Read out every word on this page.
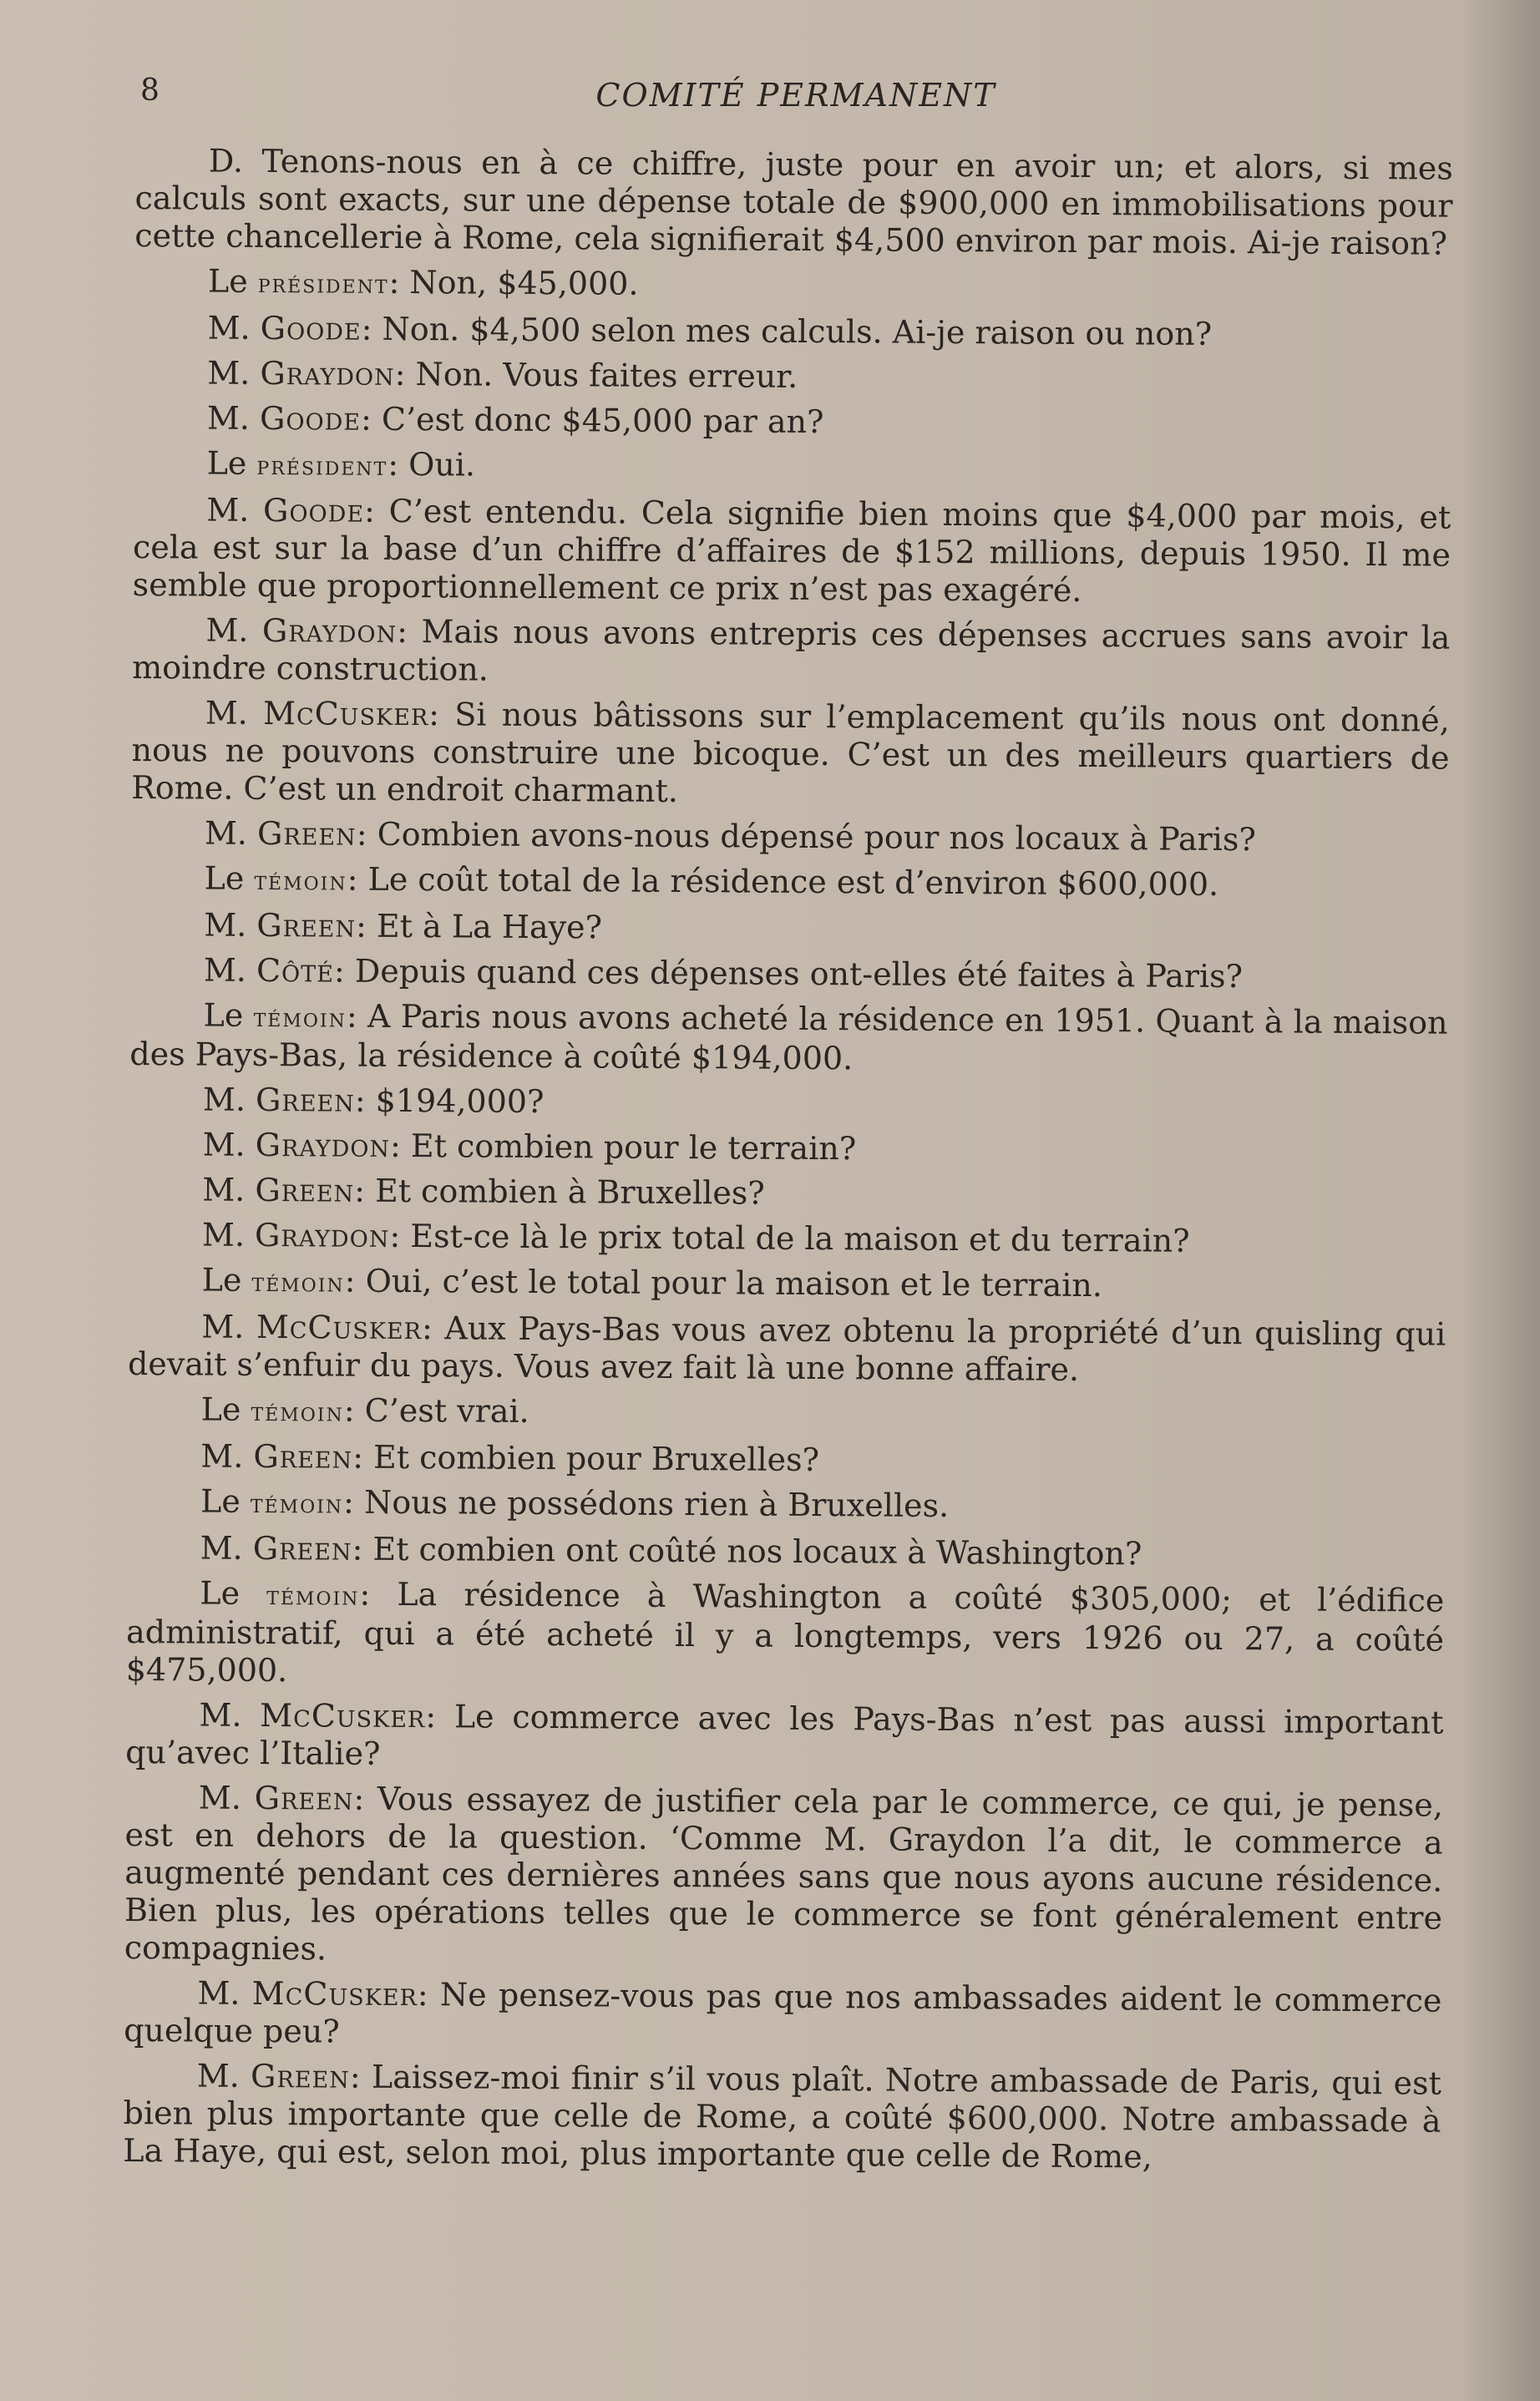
8	COMITÉ PERMANENT

D. Tenons-nous en à ce chiffre, juste pour en avoir un; et alors, si mes calculs sont exacts, sur une dépense totale de $900,000 en immobilisations pour cette chancellerie à Rome, cela signifierait $4,500 environ par mois. Ai-je raison?

Le président: Non, $45,000.

M. Goode: Non. $4,500 selon mes calculs. Ai-je raison ou non?

M. Graydon: Non. Vous faites erreur.

M. Goode: C’est donc $45,000 par an?

Le président: Oui.

M. Goode: C’est entendu. Cela signifie bien moins que $4,000 par mois, et cela est sur la base d’un chiffre d’affaires de $152 millions, depuis 1950. Il me semble que proportionnellement ce prix n’est pas exagéré.

M. Graydon: Mais nous avons entrepris ces dépenses accrues sans avoir la moindre construction.

M. McCusker: Si nous bâtissons sur l’emplacement qu’ils nous ont donné, nous ne pouvons construire une bicoque. C’est un des meilleurs quartiers de Rome. C’est un endroit charmant.

M. Green: Combien avons-nous dépensé pour nos locaux à Paris?

Le témoin: Le coût total de la résidence est d’environ $600,000.

M. Green: Et à La Haye?

M. Côté: Depuis quand ces dépenses ont-elles été faites à Paris?

Le témoin: A Paris nous avons acheté la résidence en 1951. Quant à la maison des Pays-Bas, la résidence à coûté $194,000.

M. Green: $194,000?

M. Graydon: Et combien pour le terrain?

M. Green: Et combien à Bruxelles?

M. Graydon: Est-ce là le prix total de la maison et du terrain?

Le témoin: Oui, c’est le total pour la maison et le terrain.

M. McCusker: Aux Pays-Bas vous avez obtenu la propriété d’un quisling qui devait s’enfuir du pays. Vous avez fait là une bonne affaire.

Le témoin: C’est vrai.

M. Green: Et combien pour Bruxelles?

Le témoin: Nous ne possédons rien à Bruxelles.

M. Green: Et combien ont coûté nos locaux à Washington?

Le témoin: La résidence à Washington a coûté $305,000; et l’édifice administratif, qui a été acheté il y a longtemps, vers 1926 ou 27, a coûté $475,000.

M. McCusker: Le commerce avec les Pays-Bas n’est pas aussi important qu’avec l’Italie?

M. Green: Vous essayez de justifier cela par le commerce, ce qui, je pense, est en dehors de la question. ‘Comme M. Graydon l’a dit, le commerce a augmenté pendant ces dernières années sans que nous ayons aucune résidence. Bien plus, les opérations telles que le commerce se font généralement entre compagnies.

M. McCusker: Ne pensez-vous pas que nos ambassades aident le commerce quelque peu?

M. Green: Laissez-moi finir s’il vous plaît. Notre ambassade de Paris, qui est bien plus importante que celle de Rome, a coûté $600,000. Notre ambassade à La Haye, qui est, selon moi, plus importante que celle de Rome,
